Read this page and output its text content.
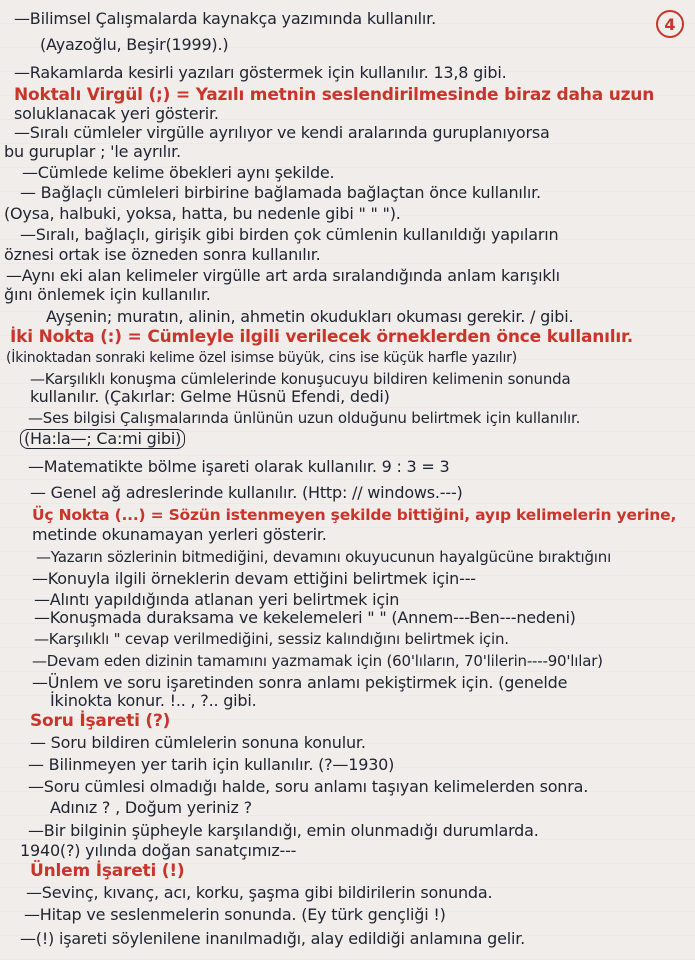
4
—Bilimsel Çalışmalarda kaynakça yazımında kullanılır.
(Ayazoğlu, Beşir(1999).)
—Rakamlarda kesirli yazıları göstermek için kullanılır. 13,8 gibi.
Noktalı Virgül (;) = Yazılı metnin seslendirilmesinde biraz daha uzun
soluklanacak yeri gösterir.
—Sıralı cümleler virgülle ayrılıyor ve kendi aralarında guruplanıyorsa
bu guruplar ; 'le ayrılır.
—Cümlede kelime öbekleri aynı şekilde.
— Bağlaçlı cümleleri birbirine bağlamada bağlaçtan önce kullanılır.
(Oysa, halbuki, yoksa, hatta, bu nedenle gibi " " ").
—Sıralı, bağlaçlı, girişik gibi birden çok cümlenin kullanıldığı yapıların
öznesi ortak ise özneden sonra kullanılır.
—Aynı eki alan kelimeler virgülle art arda sıralandığında anlam karışıklı
ğını önlemek için kullanılır.
Ayşenin; muratın, alinin, ahmetin okudukları okuması gerekir. / gibi.
İki Nokta (:) = Cümleyle ilgili verilecek örneklerden önce kullanılır.
(İkinoktadan sonraki kelime özel isimse büyük, cins ise küçük harfle yazılır)
—Karşılıklı konuşma cümlelerinde konuşucuyu bildiren kelimenin sonunda
kullanılır. (Çakırlar: Gelme Hüsnü Efendi, dedi)
—Ses bilgisi Çalışmalarında ünlünün uzun olduğunu belirtmek için kullanılır.
(Ha:la—; Ca:mi gibi)
—Matematikte bölme işareti olarak kullanılır. 9 : 3 = 3
— Genel ağ adreslerinde kullanılır. (Http: // windows.---)
Üç Nokta (...) = Sözün istenmeyen şekilde bittiğini, ayıp kelimelerin yerine,
metinde okunamayan yerleri gösterir.
—Yazarın sözlerinin bitmediğini, devamını okuyucunun hayalgücüne bıraktığını
—Konuyla ilgili örneklerin devam ettiğini belirtmek için---
—Alıntı yapıldığında atlanan yeri belirtmek için
—Konuşmada duraksama ve kekelemeleri " " (Annem---Ben---nedeni)
—Karşılıklı " cevap verilmediğini, sessiz kalındığını belirtmek için.
—Devam eden dizinin tamamını yazmamak için (60'lıların, 70'lilerin----90'lılar)
—Ünlem ve soru işaretinden sonra anlamı pekiştirmek için. (genelde
İkinokta konur. !.. , ?.. gibi.
Soru İşareti (?)
— Soru bildiren cümlelerin sonuna konulur.
— Bilinmeyen yer tarih için kullanılır. (?—1930)
—Soru cümlesi olmadığı halde, soru anlamı taşıyan kelimelerden sonra.
Adınız ? , Doğum yeriniz ?
—Bir bilginin şüpheyle karşılandığı, emin olunmadığı durumlarda.
1940(?) yılında doğan sanatçımız---
Ünlem İşareti (!)
—Sevinç, kıvanç, acı, korku, şaşma gibi bildirilerin sonunda.
—Hitap ve seslenmelerin sonunda. (Ey türk gençliği !)
—(!) işareti söylenilene inanılmadığı, alay edildiği anlamına gelir.
